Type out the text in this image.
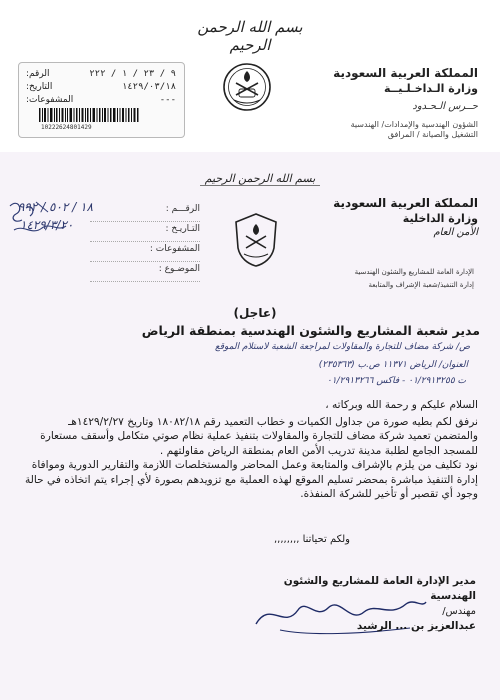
بسم الله الرحمن الرحيم
الرقم:	٩ / ٢٣ / ١ / ٢٢٢
التاريخ:	١٤٢٩/٠٣/١٨
المشفوعات:	---
10222624801429
المملكة العربية السعودية
وزارة الـداخـلـيــة
حــرس الـحـدود
الشؤون الهندسية والإمدادات/ الهندسية
التشغيل والصيانة / المرافق
بسم الله الرحمن الرحيم
الرقـــم :
التـاريـخ :
المشفوعات :
الموضـوع :
١٨ / ٥٠٢ / ٩٩٢
١٤٢٩/٣/٢٠
المملكة العربية السعودية
وزارة الداخلية
الأمن العام
الإدارة العامة للمشاريع والشئون الهندسية
إدارة التنفيذ/شعبة الإشراف والمتابعة
(عاجل)
مدير شعبة المشاريع والشئون الهندسية بمنطقة الرياض
ص/ شركة مضاف للتجارة والمقاولات لمراجعة الشعبة لاستلام الموقع
العنوان/ الرياض ١١٣٧١ ص.ب (٢٣٥٣٦٣)
ت ٠١/٢٩١٣٢٥٥ - فاكس ٠١/٢٩١٣٢٦٦

السلام عليكم و رحمة الله وبركاته ،

نرفق لكم بطيه صورة من جداول الكميات و خطاب التعميد رقم ١٨٠٨٢/١٨ وتاريخ ١٤٢٩/٢/٢٧هـ والمتضمن تعميد شركة مضاف للتجارة والمقاولات بتنفيذ عملية نظام صوتي متكامل وأسقف مستعارة للمسجد الجامع لطلبة مدينة تدريب الأمن العام بمنطقة الرياض مقاولتهم .

نود تكليف من يلزم بالإشراف والمتابعة وعمل المحاضر والمستخلصات اللازمة والتقارير الدورية وموافاة إدارة التنفيذ مباشرة بمحضر تسليم الموقع لهذه العملية مع تزويدهم بصورة لأي إجراء يتم اتخاذه في حالة وجود أي تقصير أو تأخير للشركة المنفذة.

ولكم تحياتنا ,,,,,,,,
مدير الإدارة العامة للمشاريع والشئون الهندسية
مهندس/
عبدالعزيز بن ... الرشيد
